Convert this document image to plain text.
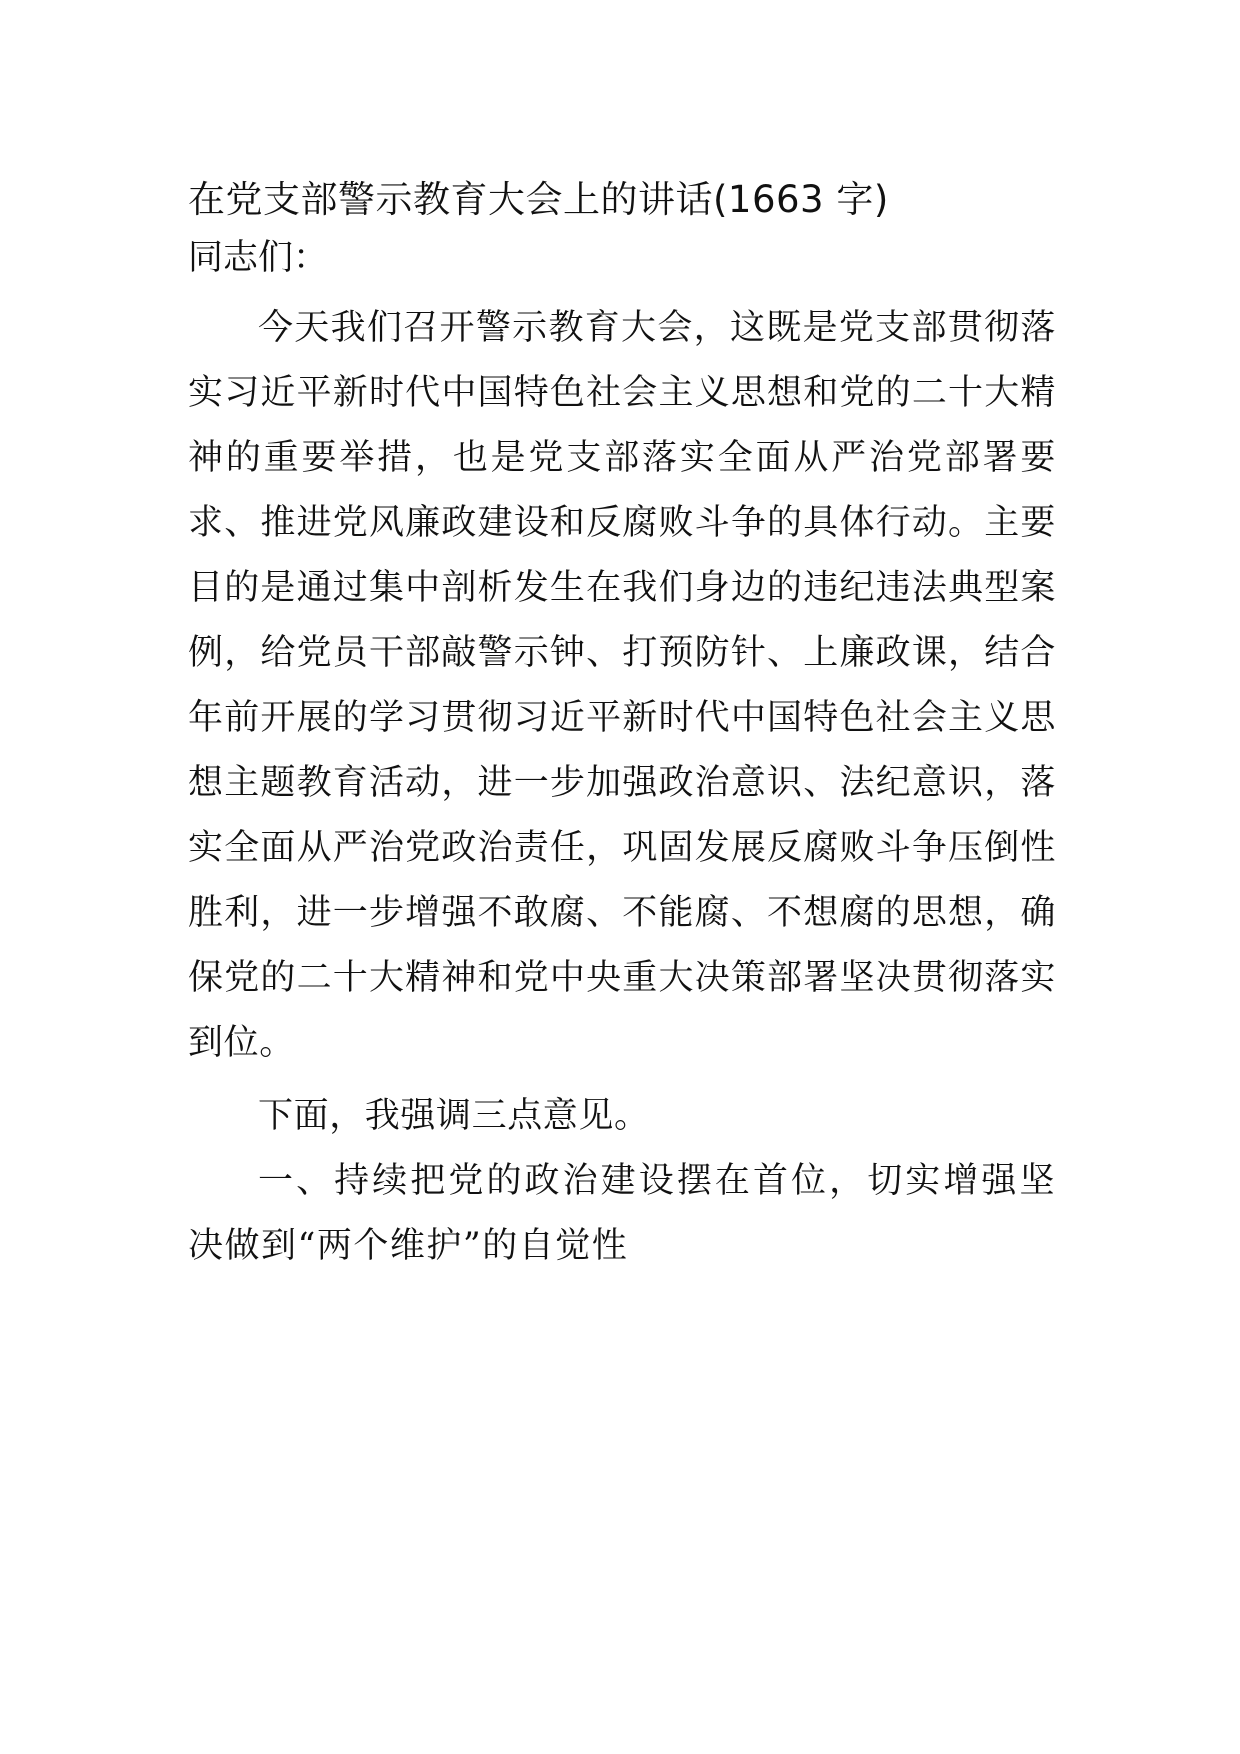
在党支部警示教育大会上的讲话(1663 字)

同志们：

今天我们召开警示教育大会，这既是党支部贯彻落实习近平新时代中国特色社会主义思想和党的二十大精神的重要举措，也是党支部落实全面从严治党部署要求、推进党风廉政建设和反腐败斗争的具体行动。主要目的是通过集中剖析发生在我们身边的违纪违法典型案例，给党员干部敲警示钟、打预防针、上廉政课，结合年前开展的学习贯彻习近平新时代中国特色社会主义思想主题教育活动，进一步加强政治意识、法纪意识，落实全面从严治党政治责任，巩固发展反腐败斗争压倒性胜利，进一步增强不敢腐、不能腐、不想腐的思想，确保党的二十大精神和党中央重大决策部署坚决贯彻落实到位。

下面，我强调三点意见。

一、持续把党的政治建设摆在首位，切实增强坚决做到“两个维护”的自觉性
